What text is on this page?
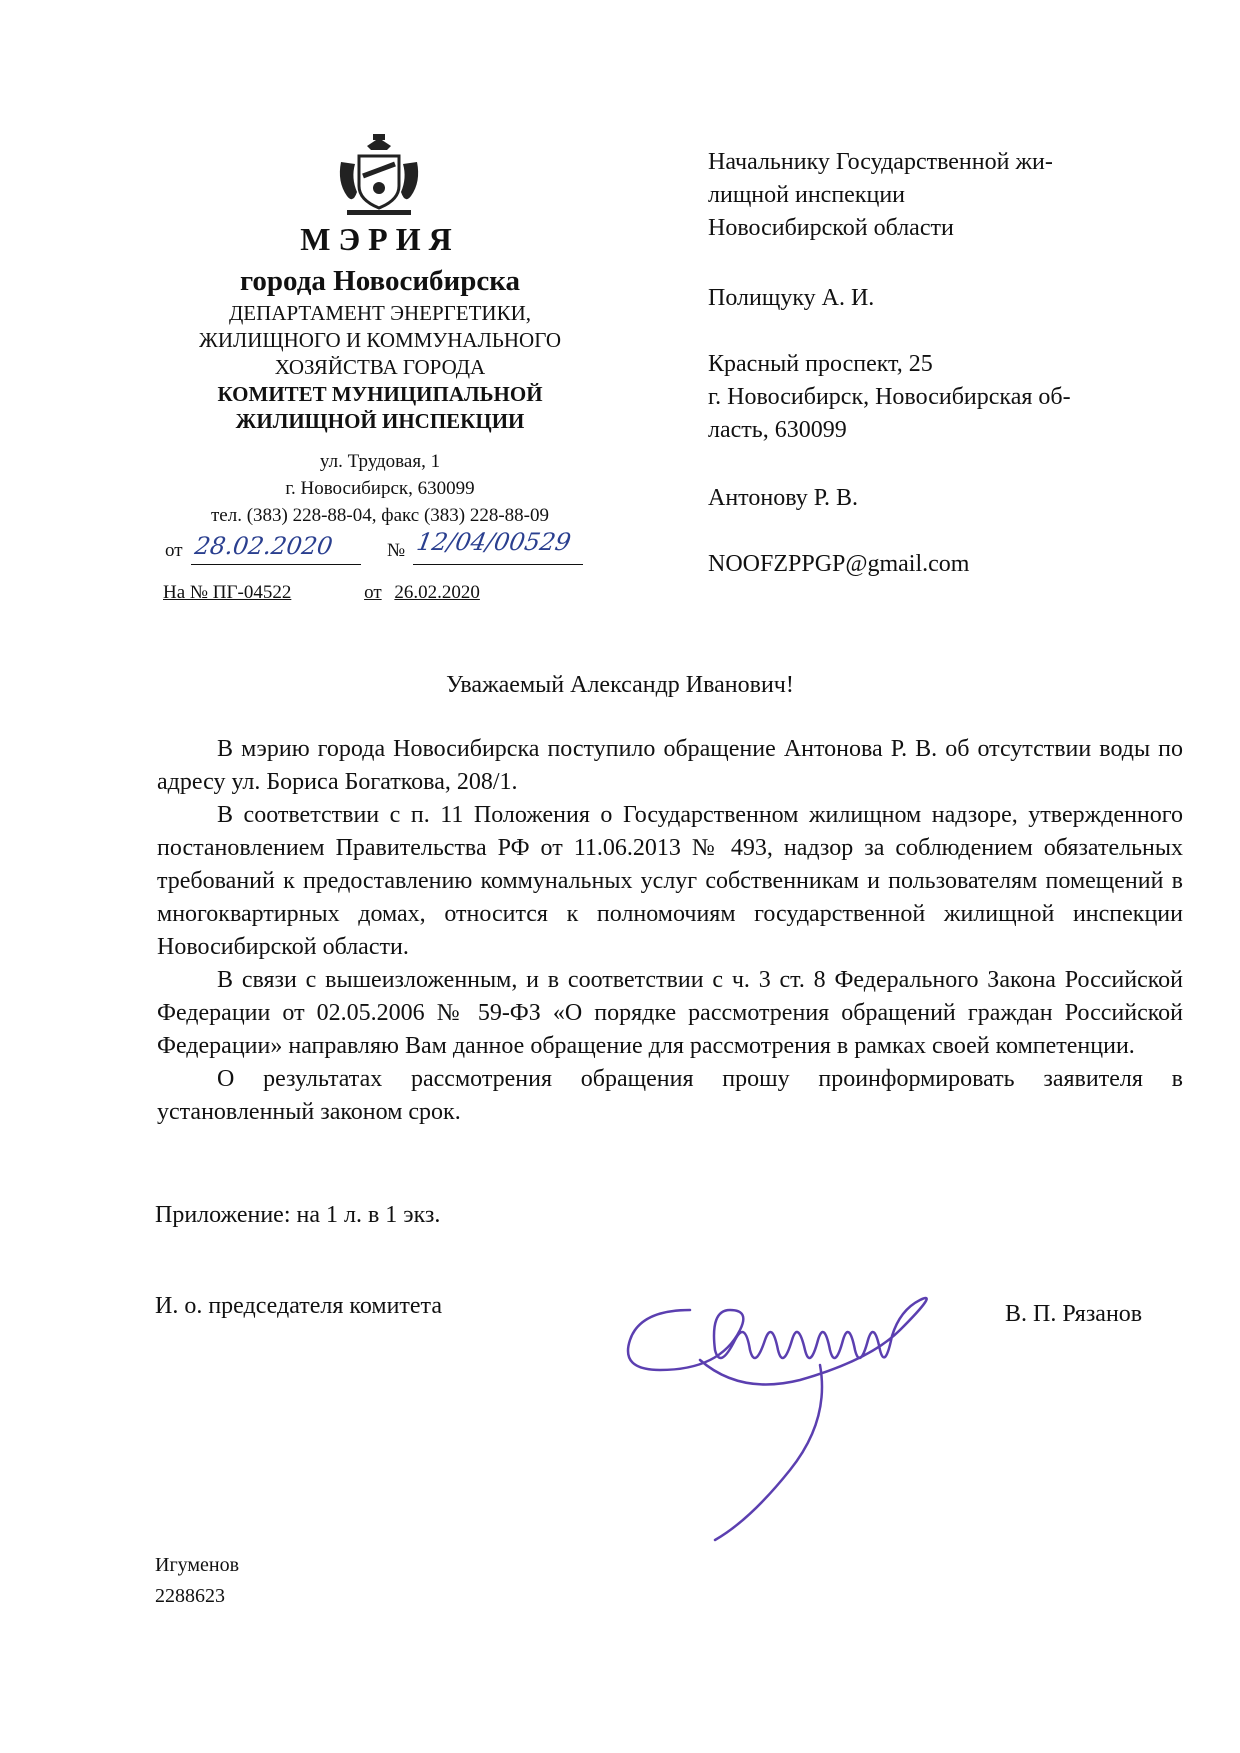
МЭРИЯ
города Новосибирска
ДЕПАРТАМЕНТ ЭНЕРГЕТИКИ,
ЖИЛИЩНОГО И КОММУНАЛЬНОГО
ХОЗЯЙСТВА ГОРОДА
КОМИТЕТ МУНИЦИПАЛЬНОЙ
ЖИЛИЩНОЙ ИНСПЕКЦИИ
ул. Трудовая, 1
г. Новосибирск, 630099
тел. (383) 228-88-04, факс (383) 228-88-09
от 28.02.2020	№ 12/04/00529
На № ПГ-04522	от 26.02.2020
Начальнику Государственной жи-
лищной инспекции
Новосибирской области
Полищуку А. И.
Красный проспект, 25
г. Новосибирск, Новосибирская об-
ласть, 630099
Антонову Р. В.
NOOFZPPGP@gmail.com
Уважаемый Александр Иванович!

В мэрию города Новосибирска поступило обращение Антонова Р. В. об отсутствии воды по адресу ул. Бориса Богаткова, 208/1.

В соответствии с п. 11 Положения о Государственном жилищном надзоре, утвержденного постановлением Правительства РФ от 11.06.2013 № 493, надзор за соблюдением обязательных требований к предоставлению коммунальных услуг собственникам и пользователям помещений в многоквартирных домах, относится к полномочиям государственной жилищной инспекции Новосибирской области.

В связи с вышеизложенным, и в соответствии с ч. 3 ст. 8 Федерального Закона Российской Федерации от 02.05.2006 № 59-ФЗ «О порядке рассмотрения обращений граждан Российской Федерации» направляю Вам данное обращение для рассмотрения в рамках своей компетенции.

О результатах рассмотрения обращения прошу проинформировать заявителя в установленный законом срок.

Приложение: на 1 л. в 1 экз.
И. о. председателя комитета	В. П. Рязанов
Игуменов
2288623
